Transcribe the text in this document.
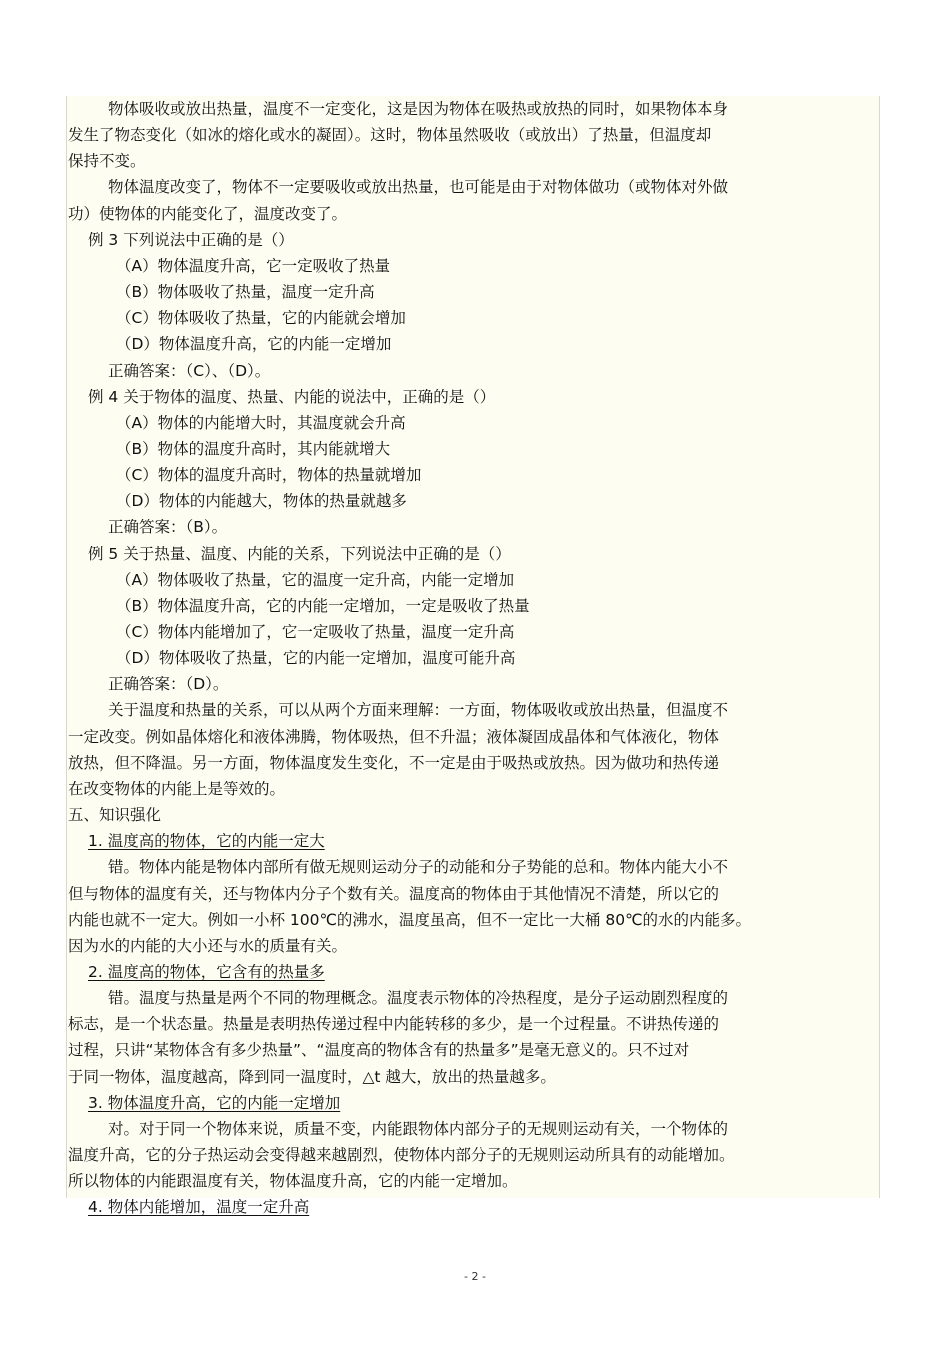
物体吸收或放出热量，温度不一定变化，这是因为物体在吸热或放热的同时，如果物体本身
发生了物态变化（如冰的熔化或水的凝固）。这时，物体虽然吸收（或放出）了热量，但温度却
保持不变。
物体温度改变了，物体不一定要吸收或放出热量，也可能是由于对物体做功（或物体对外做
功）使物体的内能变化了，温度改变了。
例 3 下列说法中正确的是（）
（A）物体温度升高，它一定吸收了热量
（B）物体吸收了热量，温度一定升高
（C）物体吸收了热量，它的内能就会增加
（D）物体温度升高，它的内能一定增加
正确答案：（C）、（D）。
例 4 关于物体的温度、热量、内能的说法中，正确的是（）
（A）物体的内能增大时，其温度就会升高
（B）物体的温度升高时，其内能就增大
（C）物体的温度升高时，物体的热量就增加
（D）物体的内能越大，物体的热量就越多
正确答案：（B）。
例 5 关于热量、温度、内能的关系，下列说法中正确的是（）
（A）物体吸收了热量，它的温度一定升高，内能一定增加
（B）物体温度升高，它的内能一定增加，一定是吸收了热量
（C）物体内能增加了，它一定吸收了热量，温度一定升高
（D）物体吸收了热量，它的内能一定增加，温度可能升高
正确答案：（D）。
关于温度和热量的关系，可以从两个方面来理解：一方面，物体吸收或放出热量，但温度不
一定改变。例如晶体熔化和液体沸腾，物体吸热，但不升温；液体凝固成晶体和气体液化，物体
放热，但不降温。另一方面，物体温度发生变化，不一定是由于吸热或放热。因为做功和热传递
在改变物体的内能上是等效的。
五、知识强化
1. 温度高的物体，它的内能一定大
错。物体内能是物体内部所有做无规则运动分子的动能和分子势能的总和。物体内能大小不
但与物体的温度有关，还与物体内分子个数有关。温度高的物体由于其他情况不清楚，所以它的
内能也就不一定大。例如一小杯 100℃的沸水，温度虽高，但不一定比一大桶 80℃的水的内能多。
因为水的内能的大小还与水的质量有关。
2. 温度高的物体，它含有的热量多
错。温度与热量是两个不同的物理概念。温度表示物体的冷热程度，是分子运动剧烈程度的
标志，是一个状态量。热量是表明热传递过程中内能转移的多少，是一个过程量。不讲热传递的
过程，只讲“某物体含有多少热量”、“温度高的物体含有的热量多”是毫无意义的。只不过对
于同一物体，温度越高，降到同一温度时，△t 越大，放出的热量越多。
3. 物体温度升高，它的内能一定增加
对。对于同一个物体来说，质量不变，内能跟物体内部分子的无规则运动有关，一个物体的
温度升高，它的分子热运动会变得越来越剧烈，使物体内部分子的无规则运动所具有的动能增加。
所以物体的内能跟温度有关，物体温度升高，它的内能一定增加。
4. 物体内能增加，温度一定升高
- 2 -
